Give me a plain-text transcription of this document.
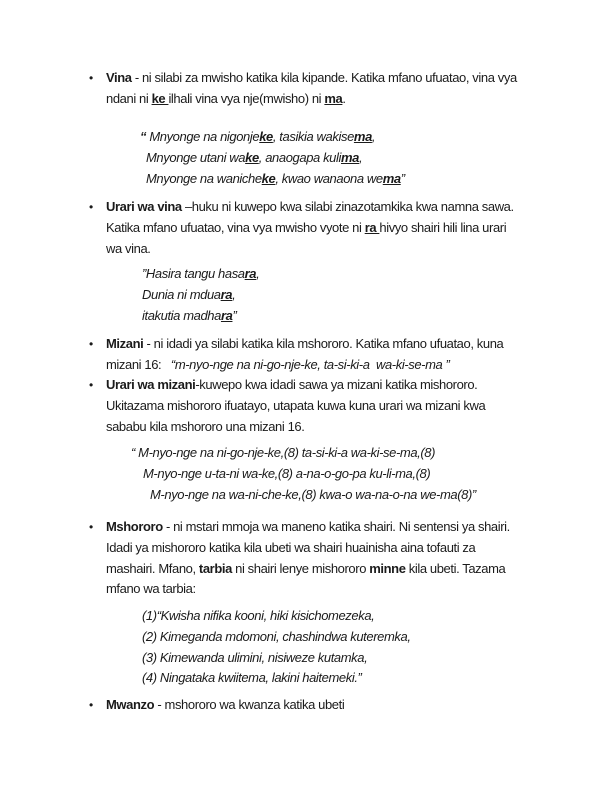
• Vina - ni silabi za mwisho katika kila kipande. Katika mfano ufuatao, vina vya
ndani ni ke ilhali vina vya nje(mwisho) ni ma.
“ Mnyonge na nigonjeke, tasikia wakisema,
Mnyonge utani wake, anaogapa kulima,
Mnyonge na wanicheke, kwao wanaona wema”
• Urari wa vina –huku ni kuwepo kwa silabi zinazotamkika kwa namna sawa.
Katika mfano ufuatao, vina vya mwisho vyote ni ra hivyo shairi hili lina urari
wa vina.
”Hasira tangu hasara,
Dunia ni mduara,
itakutia madhara”
• Mizani - ni idadi ya silabi katika kila mshororo. Katika mfano ufuatao, kuna
mizani 16:   “m-nyo-nge na ni-go-nje-ke, ta-si-ki-a  wa-ki-se-ma ”
• Urari wa mizani-kuwepo kwa idadi sawa ya mizani katika mishororo.
Ukitazama mishororo ifuatayo, utapata kuwa kuna urari wa mizani kwa
sababu kila mshororo una mizani 16.
“ M-nyo-nge na ni-go-nje-ke,(8) ta-si-ki-a wa-ki-se-ma,(8)
M-nyo-nge u-ta-ni wa-ke,(8) a-na-o-go-pa ku-li-ma,(8)
M-nyo-nge na wa-ni-che-ke,(8) kwa-o wa-na-o-na we-ma(8)”
• Mshororo - ni mstari mmoja wa maneno katika shairi. Ni sentensi ya shairi.
Idadi ya mishororo katika kila ubeti wa shairi huainisha aina tofauti za
mashairi. Mfano, tarbia ni shairi lenye mishororo minne kila ubeti. Tazama
mfano wa tarbia:
(1)“Kwisha nifika kooni, hiki kisichomezeka,
(2) Kimeganda mdomoni, chashindwa kuteremka,
(3) Kimewanda ulimini, nisiweze kutamka,
(4) Ningataka kwiitema, lakini haitemeki.”
• Mwanzo - mshororo wa kwanza katika ubeti
